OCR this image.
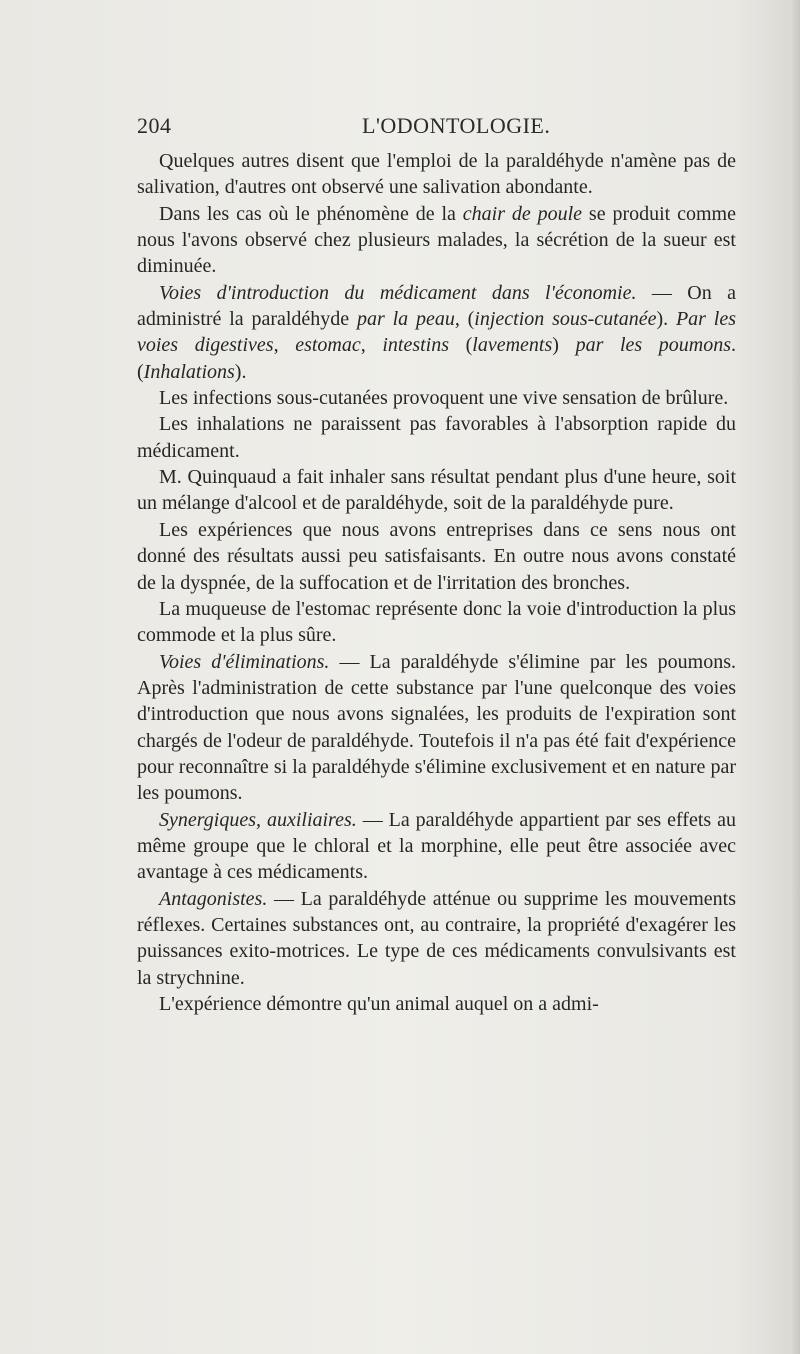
204	L'ODONTOLOGIE.

Quelques autres disent que l'emploi de la paraldéhyde n'amène pas de salivation, d'autres ont observé une salivation abondante.

Dans les cas où le phénomène de la chair de poule se produit comme nous l'avons observé chez plusieurs malades, la sécrétion de la sueur est diminuée.

Voies d'introduction du médicament dans l'économie. — On a administré la paraldéhyde par la peau, (injection sous-cutanée). Par les voies digestives, estomac, intestins (lavements) par les poumons. (Inhalations).

Les infections sous-cutanées provoquent une vive sensation de brûlure.

Les inhalations ne paraissent pas favorables à l'absorption rapide du médicament.

M. Quinquaud a fait inhaler sans résultat pendant plus d'une heure, soit un mélange d'alcool et de paraldéhyde, soit de la paraldéhyde pure.

Les expériences que nous avons entreprises dans ce sens nous ont donné des résultats aussi peu satisfaisants. En outre nous avons constaté de la dyspnée, de la suffocation et de l'irritation des bronches.

La muqueuse de l'estomac représente donc la voie d'introduction la plus commode et la plus sûre.

Voies d'éliminations. — La paraldéhyde s'élimine par les poumons. Après l'administration de cette substance par l'une quelconque des voies d'introduction que nous avons signalées, les produits de l'expiration sont chargés de l'odeur de paraldéhyde. Toutefois il n'a pas été fait d'expérience pour reconnaître si la paraldéhyde s'élimine exclusivement et en nature par les poumons.

Synergiques, auxiliaires. — La paraldéhyde appartient par ses effets au même groupe que le chloral et la morphine, elle peut être associée avec avantage à ces médicaments.

Antagonistes. — La paraldéhyde atténue ou supprime les mouvements réflexes. Certaines substances ont, au contraire, la propriété d'exagérer les puissances exito-motrices. Le type de ces médicaments convulsivants est la strychnine.

L'expérience démontre qu'un animal auquel on a admi-
